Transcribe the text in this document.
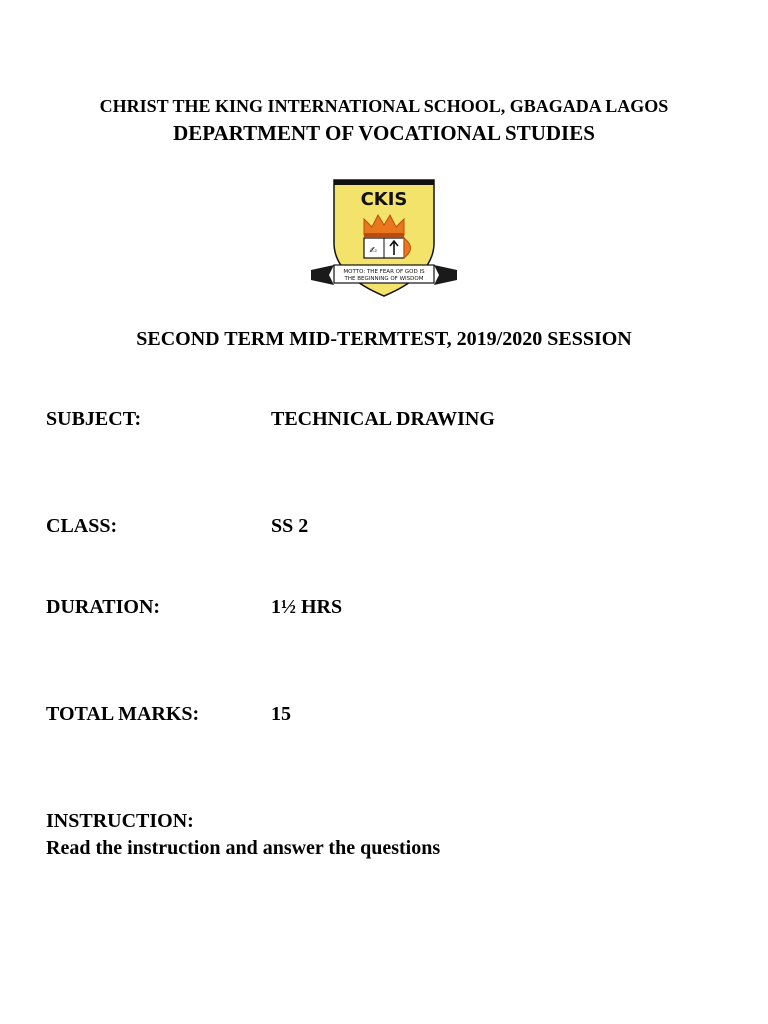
CHRIST THE KING INTERNATIONAL SCHOOL, GBAGADA LAGOS
DEPARTMENT OF VOCATIONAL STUDIES
CKIS
✍
MOTTO: THE FEAR OF GOD IS
THE BEGINNING OF WISDOM
SECOND TERM MID-TERMTEST, 2019/2020 SESSION
SUBJECT:	TECHNICAL DRAWING
CLASS:	SS 2
DURATION:	1½ HRS
TOTAL MARKS:	15
INSTRUCTION:
Read the instruction and answer the questions
